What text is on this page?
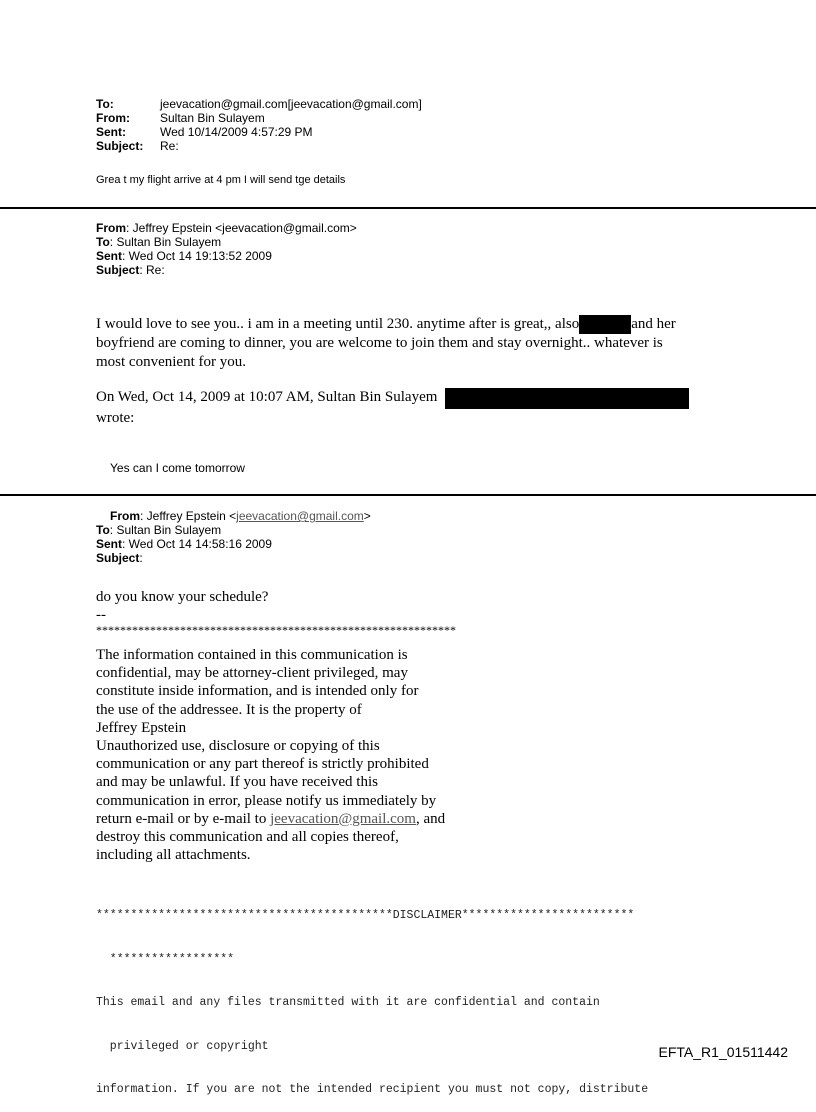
To:	jeevacation@gmail.com[jeevacation@gmail.com]
From:	Sultan Bin Sulayem
Sent:	Wed 10/14/2009 4:57:29 PM
Subject:	Re:
Grea t my flight arrive at 4 pm I will send tge details
From: Jeffrey Epstein <jeevacation@gmail.com>
To: Sultan Bin Sulayem
Sent: Wed Oct 14 19:13:52 2009
Subject: Re:
I would love to see you.. i am in a meeting until 230. anytime after is great,, also	and her
boyfriend are coming to dinner, you are welcome to join them and stay overnight.. whatever is
most convenient for you.
On Wed, Oct 14, 2009 at 10:07 AM, Sultan Bin Sulayem
wrote:
Yes can I come tomorrow
From: Jeffrey Epstein <jeevacation@gmail.com>
To: Sultan Bin Sulayem
Sent: Wed Oct 14 14:58:16 2009
Subject:
do you know your schedule?
--
************************************************************
The information contained in this communication is
confidential, may be attorney-client privileged, may
constitute inside information, and is intended only for
the use of the addressee. It is the property of
Jeffrey Epstein
Unauthorized use, disclosure or copying of this
communication or any part thereof is strictly prohibited
and may be unlawful. If you have received this
communication in error, please notify us immediately by
return e-mail or by e-mail to jeevacation@gmail.com, and
destroy this communication and all copies thereof,
including all attachments.

*******************************************DISCLAIMER*************************

******************

This email and any files transmitted with it are confidential and contain

privileged or copyright

information. If you are not the intended recipient you must not copy, distribute

EFTA_R1_01511442
